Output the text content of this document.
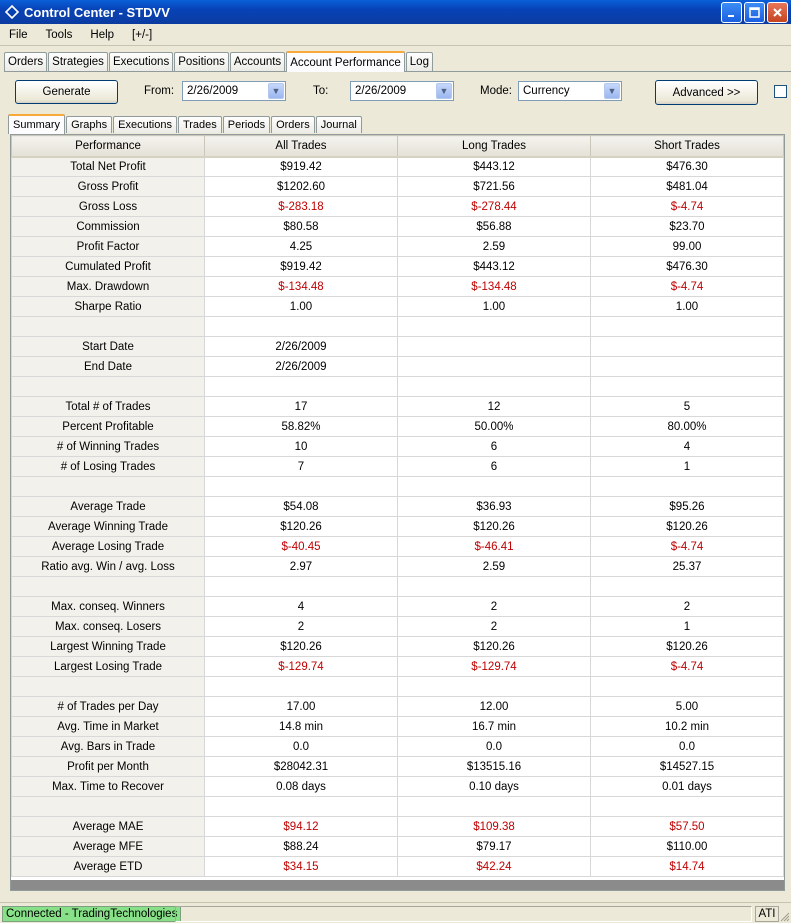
Control Center - STDVV
File	Tools	Help	[+/-]
Orders Strategies Executions Positions Accounts Account Performance Log
Generate	From: 2/26/2009	▼	To: 2/26/2009	▼	Mode: Currency	▼	Advanced >>
Summary	Graphs	Executions	Trades	Periods	Orders	Journal
Performance	All Trades	Long Trades	Short Trades
Total Net Profit	$919.42	$443.12	$476.30
Gross Profit	$1202.60	$721.56	$481.04
Gross Loss	$-283.18	$-278.44	$-4.74
Commission	$80.58	$56.88	$23.70
Profit Factor	4.25	2.59	99.00
Cumulated Profit	$919.42	$443.12	$476.30
Max. Drawdown	$-134.48	$-134.48	$-4.74
Sharpe Ratio	1.00	1.00	1.00

Start Date	2/26/2009		
End Date	2/26/2009		

Total # of Trades	17	12	5
Percent Profitable	58.82%	50.00%	80.00%
# of Winning Trades	10	6	4
# of Losing Trades	7	6	1

Average Trade	$54.08	$36.93	$95.26
Average Winning Trade	$120.26	$120.26	$120.26
Average Losing Trade	$-40.45	$-46.41	$-4.74
Ratio avg. Win / avg. Loss	2.97	2.59	25.37

Max. conseq. Winners	4	2	2
Max. conseq. Losers	2	2	1
Largest Winning Trade	$120.26	$120.26	$120.26
Largest Losing Trade	$-129.74	$-129.74	$-4.74

# of Trades per Day	17.00	12.00	5.00
Avg. Time in Market	14.8 min	16.7 min	10.2 min
Avg. Bars in Trade	0.0	0.0	0.0
Profit per Month	$28042.31	$13515.16	$14527.15
Max. Time to Recover	0.08 days	0.10 days	0.01 days

Average MAE	$94.12	$109.38	$57.50
Average MFE	$88.24	$79.17	$110.00
Average ETD	$34.15	$42.24	$14.74
Connected - TradingTechnologies	ATI
